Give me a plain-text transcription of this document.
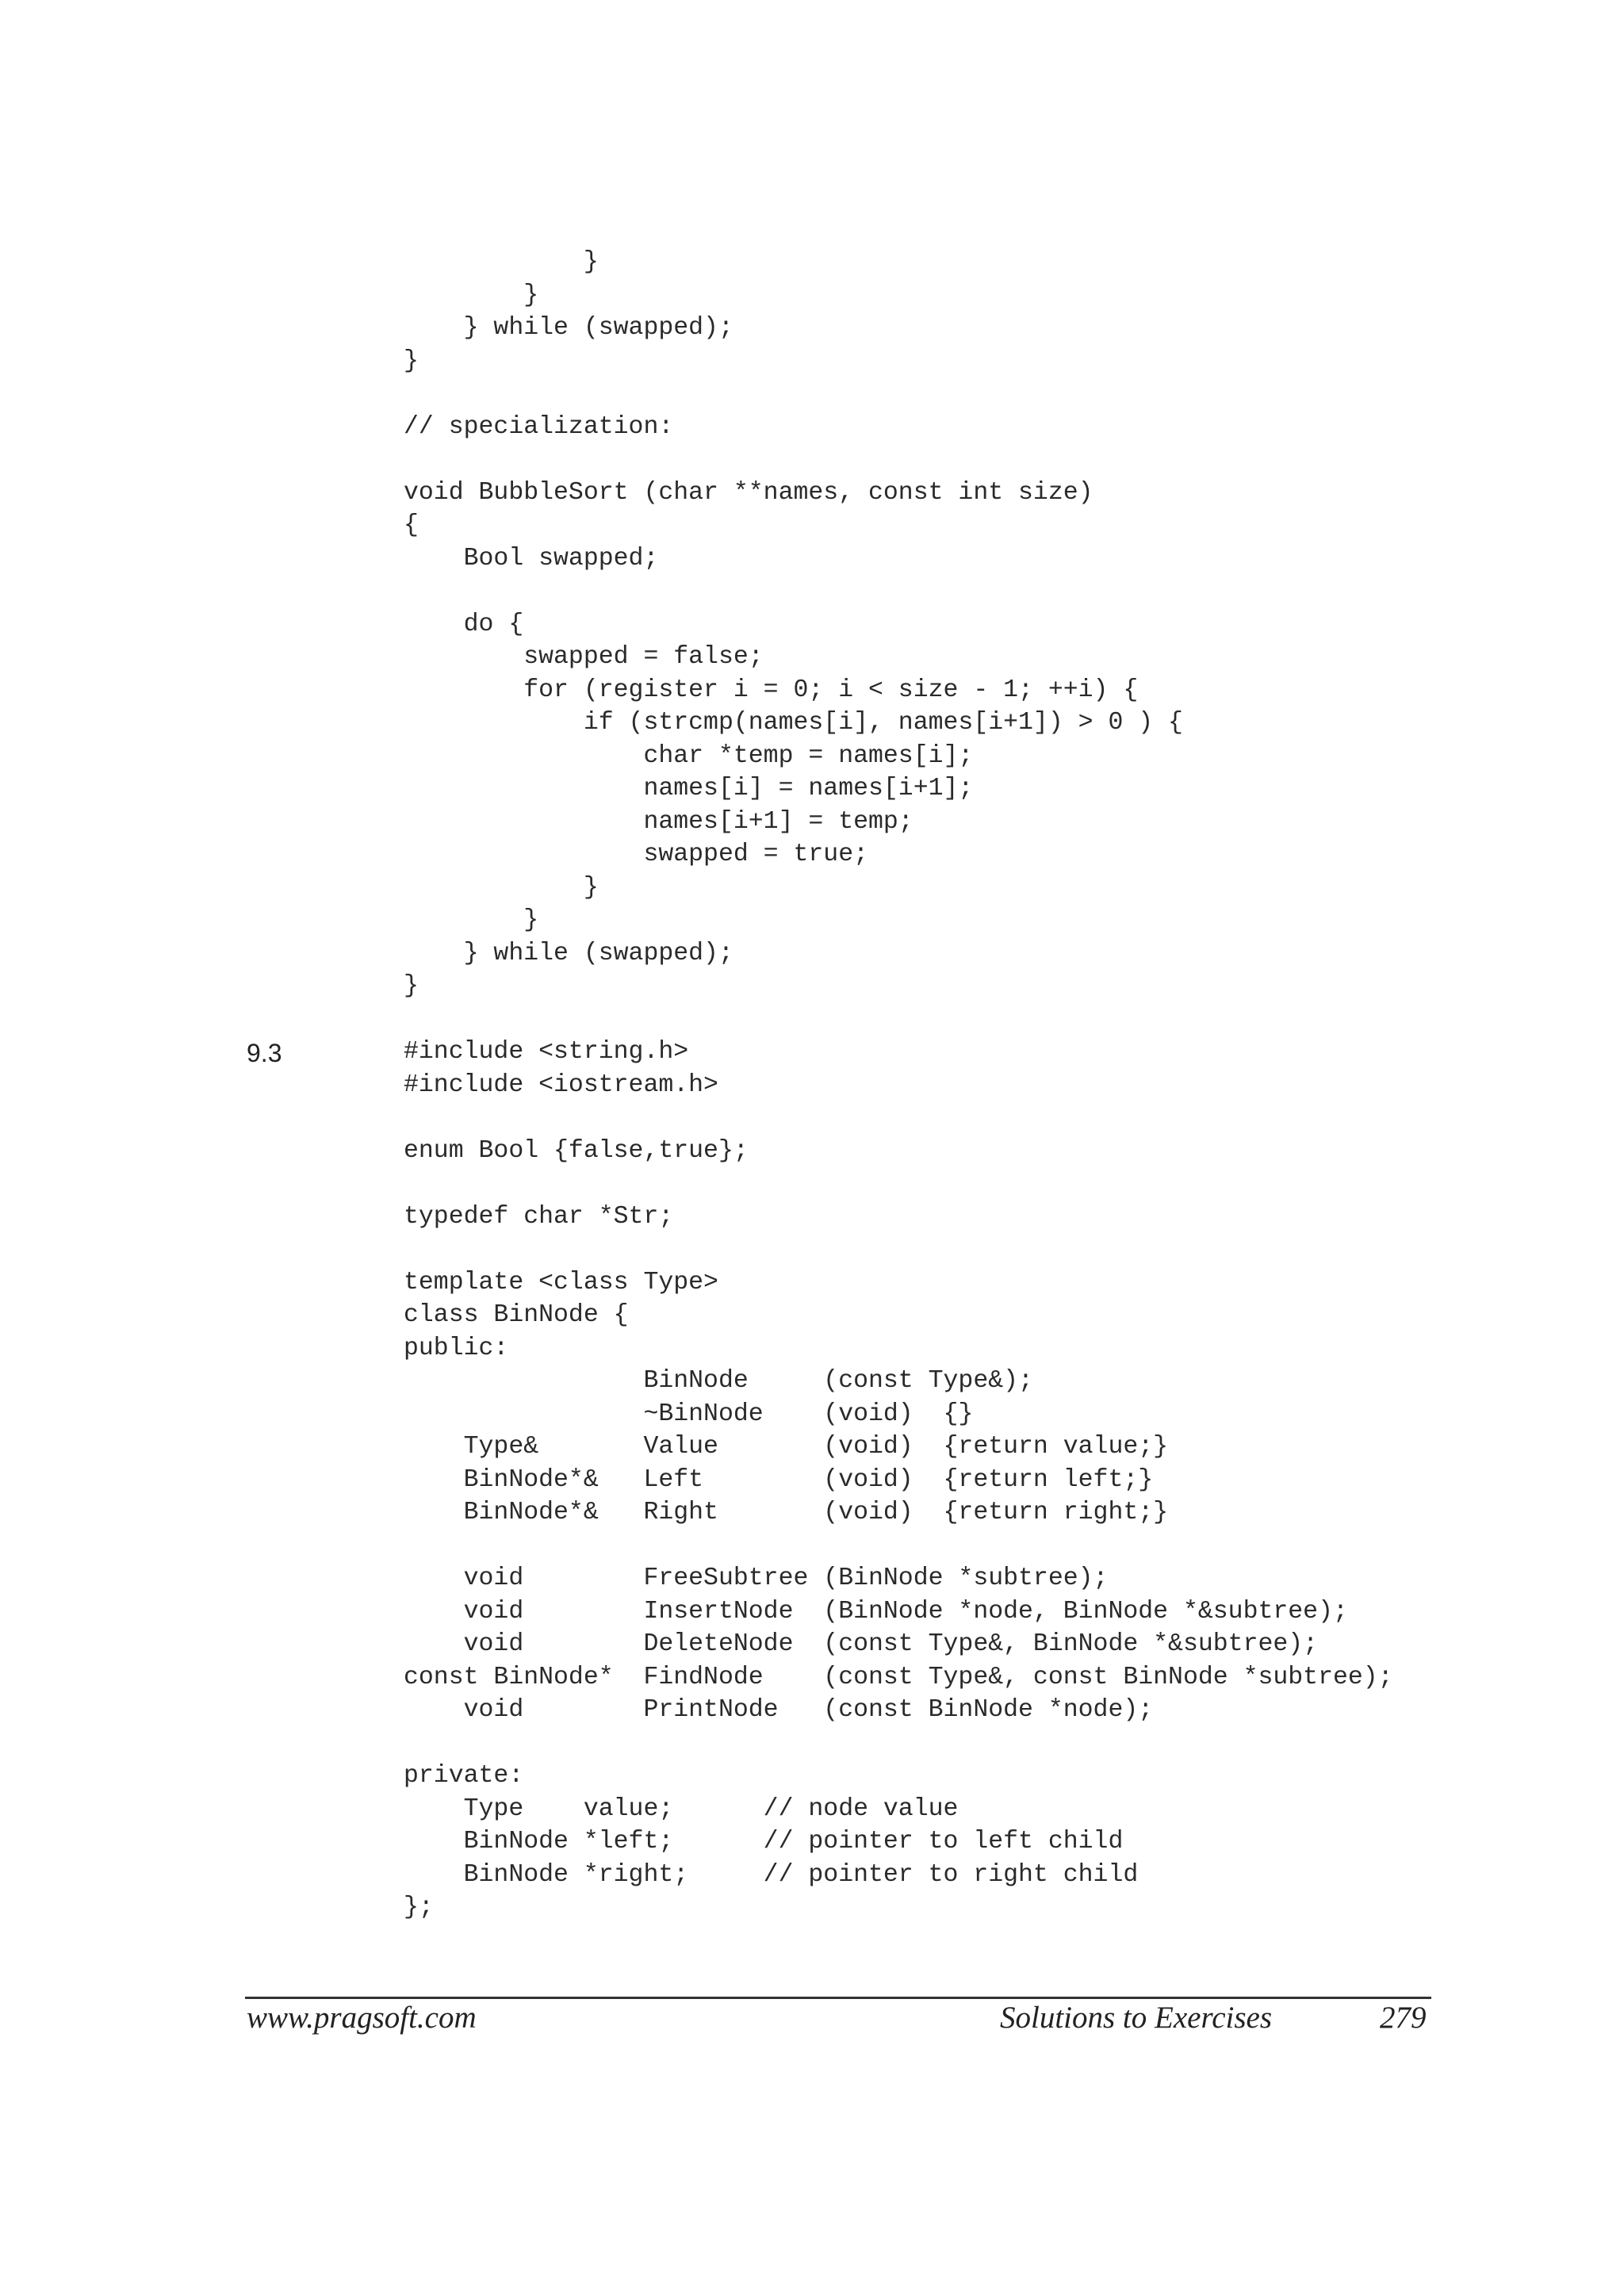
}
}
} while (swapped);
}

// specialization:

void BubbleSort (char **names, const int size)
{
Bool swapped;

do {
swapped = false;
for (register i = 0; i < size - 1; ++i) {
if (strcmp(names[i], names[i+1]) > 0 ) {
char *temp = names[i];
names[i] = names[i+1];
names[i+1] = temp;
swapped = true;
}
}
} while (swapped);
}
9.3	#include <string.h>
#include <iostream.h>

enum Bool {false,true};

typedef char *Str;

template <class Type>
class BinNode {
public:
BinNode     (const Type&);
~BinNode    (void)  {}
Type&       Value       (void)  {return value;}
BinNode*&   Left        (void)  {return left;}
BinNode*&   Right       (void)  {return right;}

void        FreeSubtree (BinNode *subtree);
void        InsertNode  (BinNode *node, BinNode *&subtree);
void        DeleteNode  (const Type&, BinNode *&subtree);
const BinNode*  FindNode    (const Type&, const BinNode *subtree);
void        PrintNode   (const BinNode *node);

private:
Type    value;      // node value
BinNode *left;      // pointer to left child
BinNode *right;     // pointer to right child
};
www.pragsoft.com	Solutions to Exercises	279
